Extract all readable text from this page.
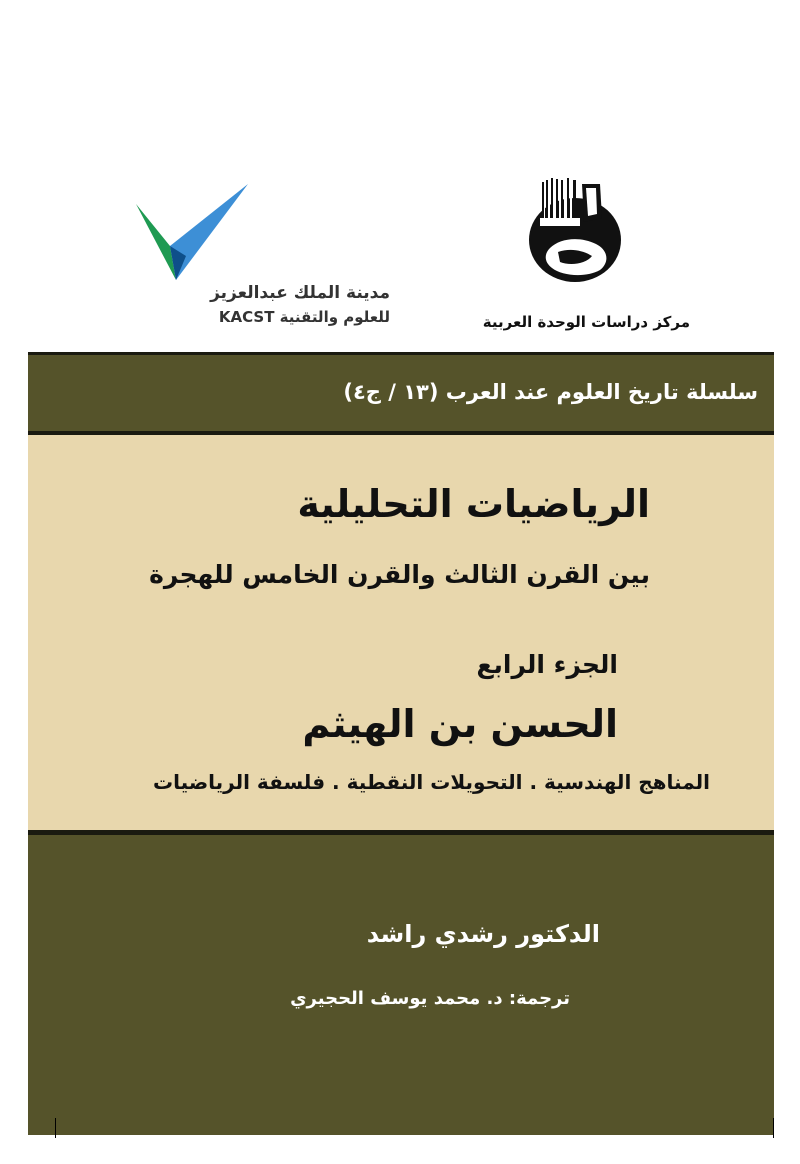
مدينة الملك عبدالعزيز
للعلوم والتقنية KACST	مركز دراسات الوحدة العربية
سلسلة تاريخ العلوم عند العرب (١٣ / ج٤)
الرياضيات التحليلية
بين القرن الثالث والقرن الخامس للهجرة
الجزء الرابع
الحسن بن الهيثم
المناهج الهندسية . التحويلات النقطية . فلسفة الرياضيات
الدكتور رشدي راشد
ترجمة: د. محمد يوسف الحجيري
